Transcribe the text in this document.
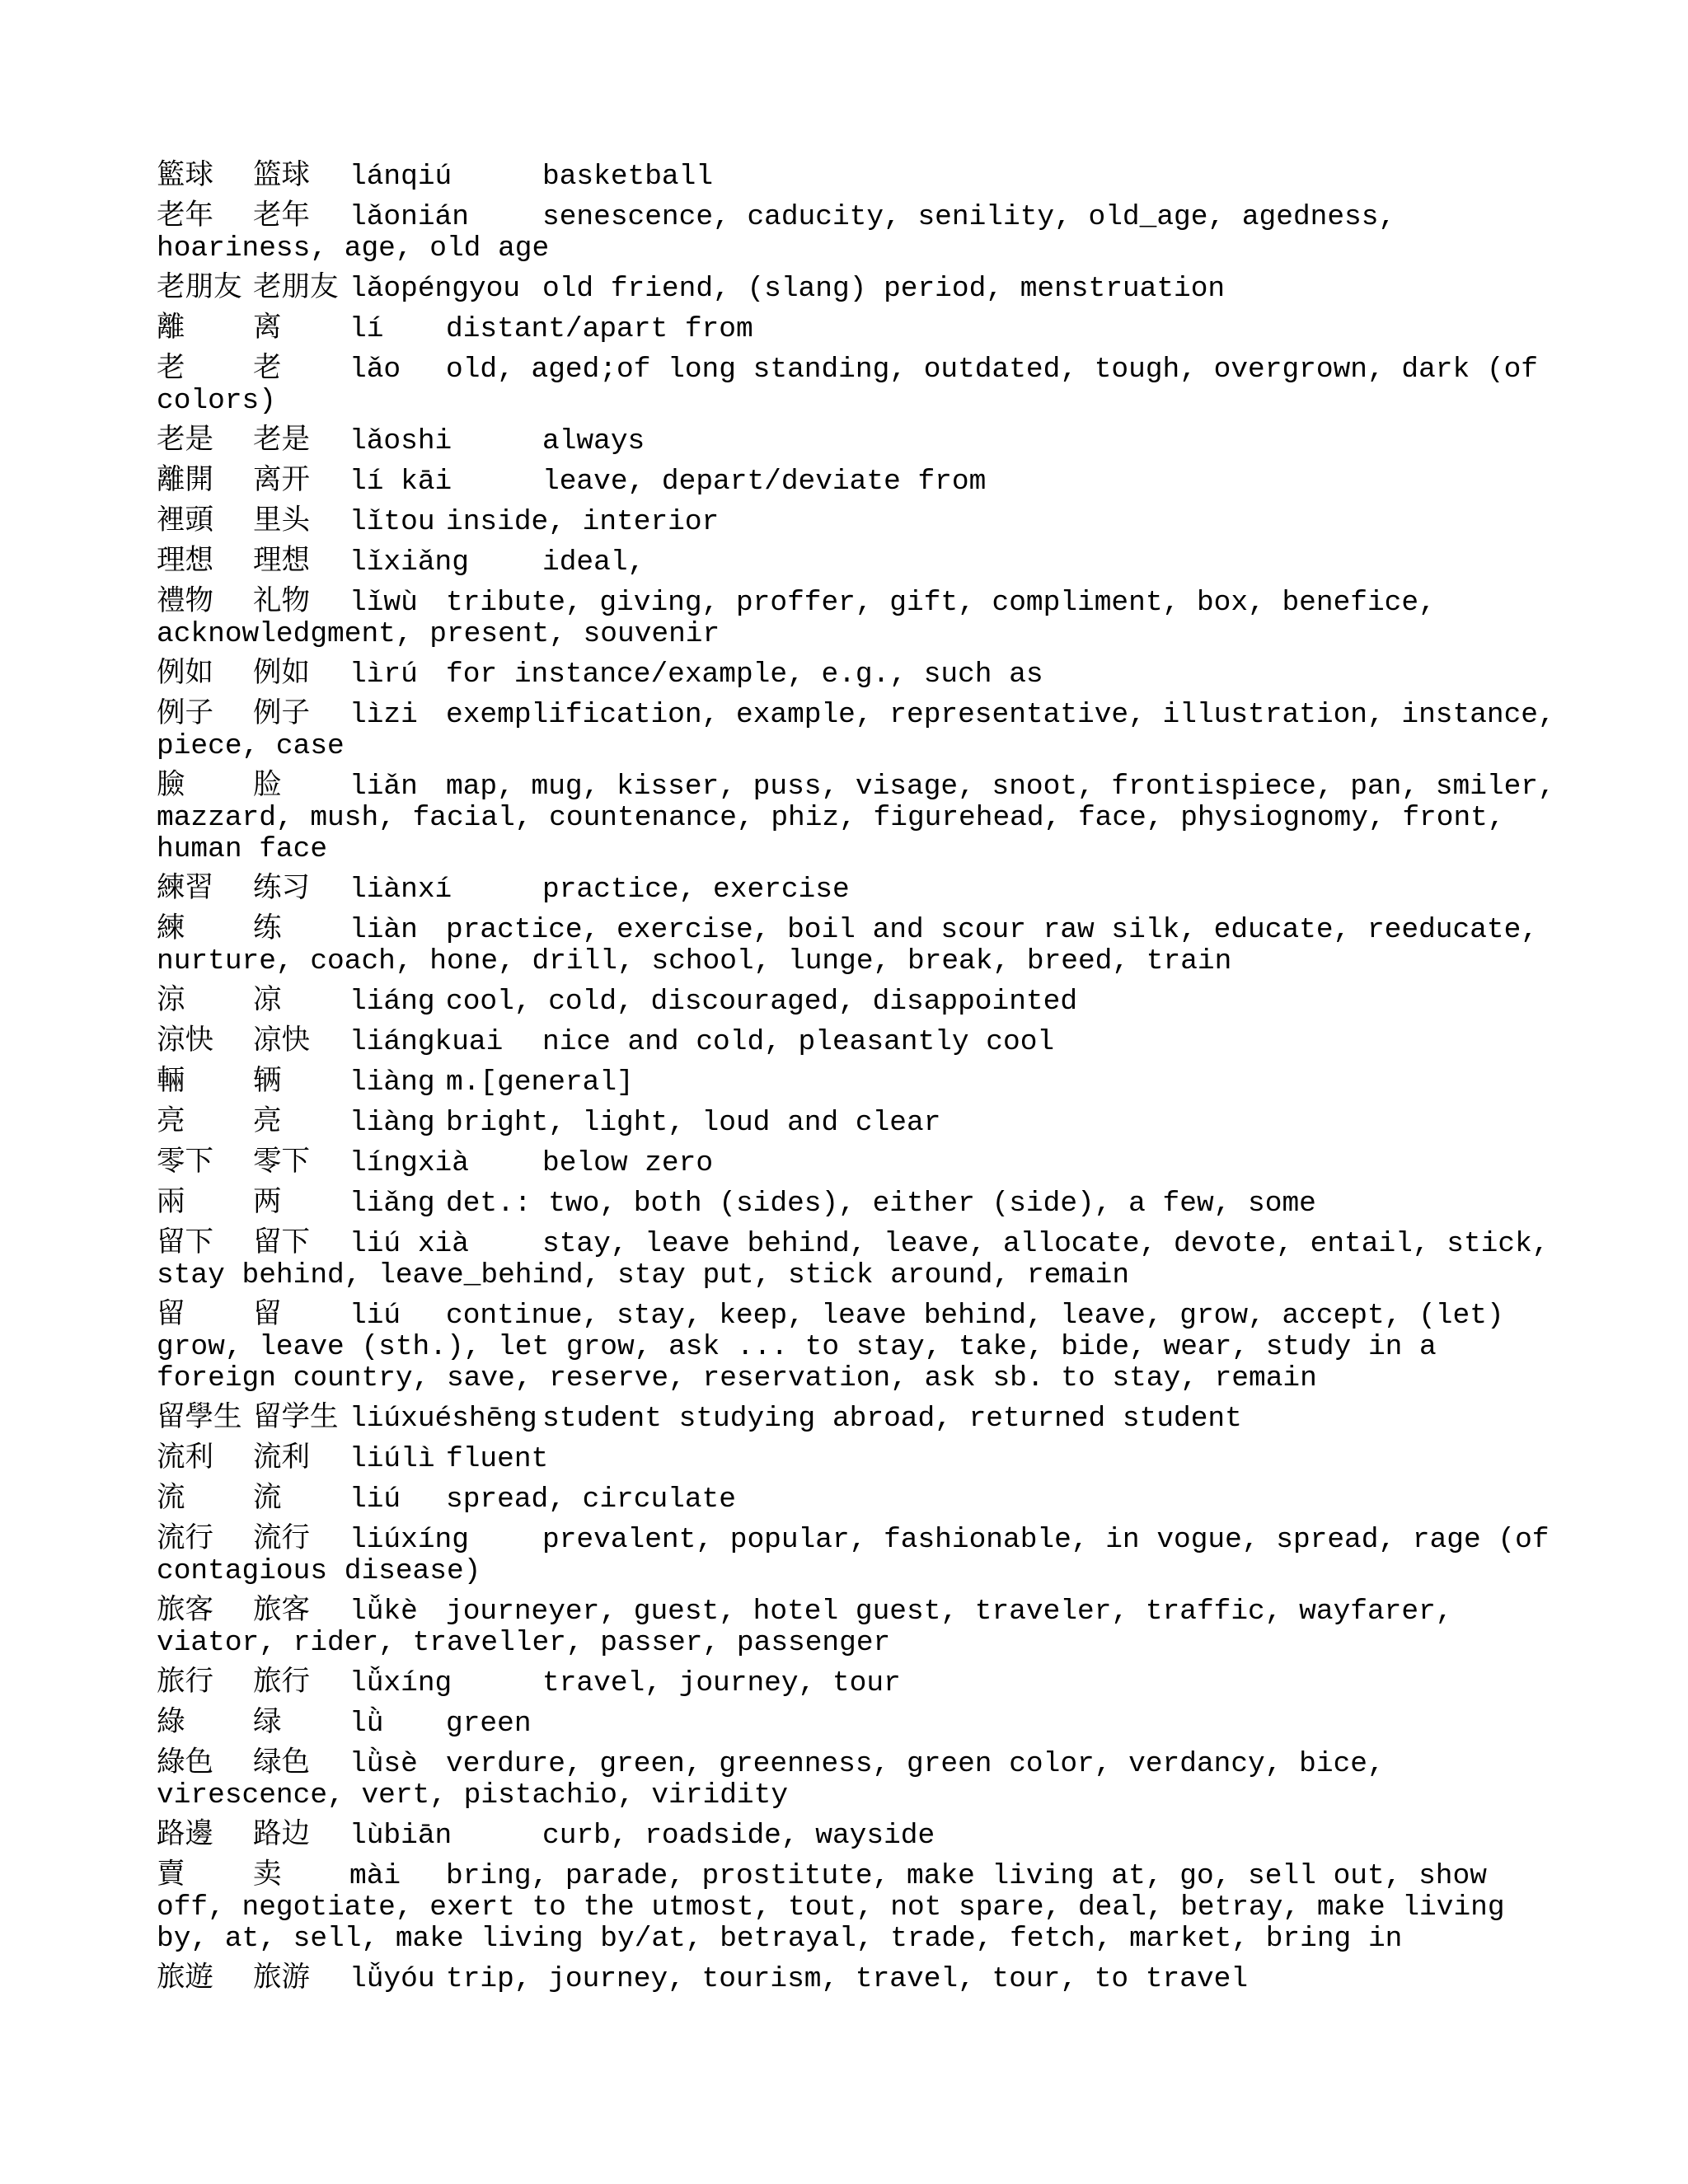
籃球 篮球 lánqiú	basketball
老年 老年 lǎonián	senescence, caducity, senility, old_age, agedness, hoariness, age, old age
老朋友 老朋友 lǎopéngyou old friend, (slang) period, menstruation
離 离 lí distant/apart from
老 老 lǎo old, aged;of long standing, outdated, tough, overgrown, dark (of colors)
老是 老是 lǎoshi	always
離開 离开 lí kāi	leave, depart/deviate from
裡頭 里头 lǐtou inside, interior
理想 理想 lǐxiǎng	ideal,
禮物 礼物 lǐwù tribute, giving, proffer, gift, compliment, box, benefice, acknowledgment, present, souvenir
例如 例如 lìrú for instance/example, e.g., such as
例子 例子 lìzi exemplification, example, representative, illustration, instance, piece, case
臉 脸 liǎn map, mug, kisser, puss, visage, snoot, frontispiece, pan, smiler, mazzard, mush, facial, countenance, phiz, figurehead, face, physiognomy, front, human face
練習 练习 liànxí	practice, exercise
練 练 liàn practice, exercise, boil and scour raw silk, educate, reeducate, nurture, coach, hone, drill, school, lunge, break, breed, train
涼 凉 liáng cool, cold, discouraged, disappointed
涼快 凉快 liángkuai nice and cold, pleasantly cool
輛 辆 liàng m.[general]
亮 亮 liàng bright, light, loud and clear
零下 零下 língxià	below zero
兩 两 liǎng det.: two, both (sides), either (side), a few, some
留下 留下 liú xià	stay, leave behind, leave, allocate, devote, entail, stick, stay behind, leave_behind, stay put, stick around, remain
留 留 liú continue, stay, keep, leave behind, leave, grow, accept, (let) grow, leave (sth.), let grow, ask ... to stay, take, bide, wear, study in a foreign country, save, reserve, reservation, ask sb. to stay, remain
留學生 留学生 liúxuéshēng student studying abroad, returned student
流利 流利 liúlì fluent
流 流 liú spread, circulate
流行 流行 liúxíng	prevalent, popular, fashionable, in vogue, spread, rage (of contagious disease)
旅客 旅客 lǚkè journeyer, guest, hotel guest, traveler, traffic, wayfarer, viator, rider, traveller, passer, passenger
旅行 旅行 lǚxíng	travel, journey, tour
綠 绿 lǜ green
綠色 绿色 lǜsè verdure, green, greenness, green color, verdancy, bice, virescence, vert, pistachio, viridity
路邊 路边 lùbiān	curb, roadside, wayside
賣 卖 mài bring, parade, prostitute, make living at, go, sell out, show off, negotiate, exert to the utmost, tout, not spare, deal, betray, make living by, at, sell, make living by/at, betrayal, trade, fetch, market, bring in
旅遊 旅游 lǚyóu trip, journey, tourism, travel, tour, to travel
